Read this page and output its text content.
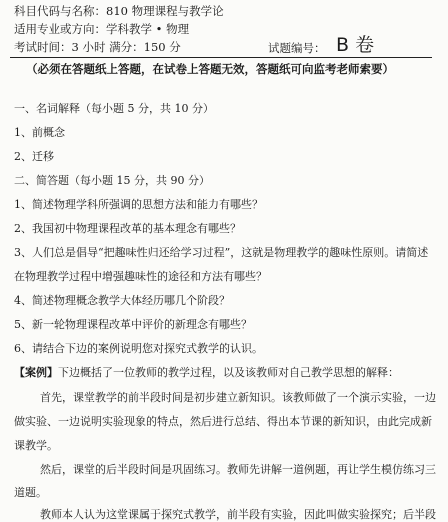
科目代码与名称：810 物理课程与教学论
适用专业或方向：学科教学 • 物理
考试时间：3 小时 满分：150 分	试题编号： B 卷
（必须在答题纸上答题，在试卷上答题无效，答题纸可向监考老师索要）
一、名词解释（每小题 5 分，共 10 分）
1、前概念
2、迁移
二、简答题（每小题 15 分，共 90 分）
1、简述物理学科所强调的思想方法和能力有哪些？
2、我国初中物理课程改革的基本理念有哪些？
3、人们总是倡导“把趣味性归还给学习过程”，这就是物理教学的趣味性原则。请简述
在物理教学过程中增强趣味性的途径和方法有哪些？
4、简述物理概念教学大体经历哪几个阶段？
5、新一轮物理课程改革中评价的新理念有哪些？
6、请结合下边的案例说明您对探究式教学的认识。
【案例】下边概括了一位教师的教学过程，以及该教师对自己教学思想的解释：
首先，课堂教学的前半段时间是初步建立新知识。该教师做了一个演示实验，一边
做实验、一边说明实验现象的特点，然后进行总结、得出本节课的新知识，由此完成新
课教学。
然后，课堂的后半段时间是巩固练习。教师先讲解一道例题，再让学生模仿练习三
道题。
教师本人认为这堂课属于探究式教学，前半段有实验，因此叫做实验探究；后半段
